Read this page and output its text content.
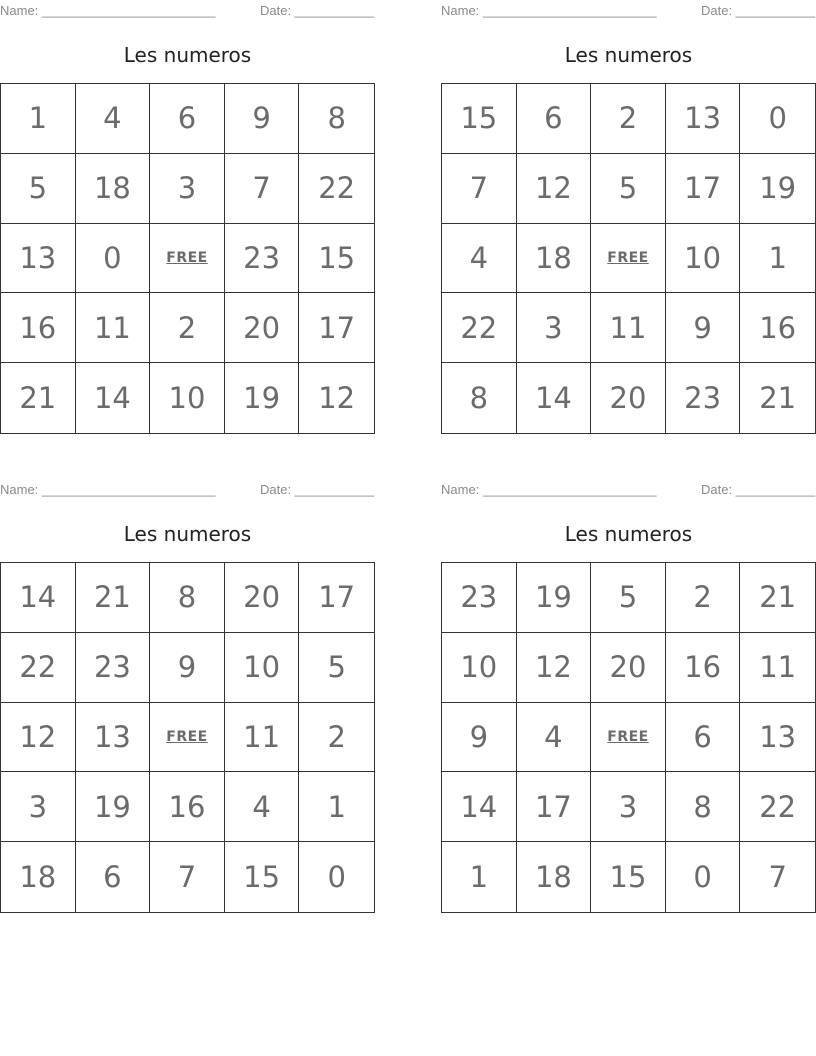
Name: ________________________	Date: ___________
Les numeros
1	4	6	9	8
5	18	3	7	22
13	0	FREE	23	15
16	11	2	20	17
21	14	10	19	12
Name: ________________________	Date: ___________
Les numeros
15	6	2	13	0
7	12	5	17	19
4	18	FREE	10	1
22	3	11	9	16
8	14	20	23	21
Name: ________________________	Date: ___________
Les numeros
14	21	8	20	17
22	23	9	10	5
12	13	FREE	11	2
3	19	16	4	1
18	6	7	15	0
Name: ________________________	Date: ___________
Les numeros
23	19	5	2	21
10	12	20	16	11
9	4	FREE	6	13
14	17	3	8	22
1	18	15	0	7
